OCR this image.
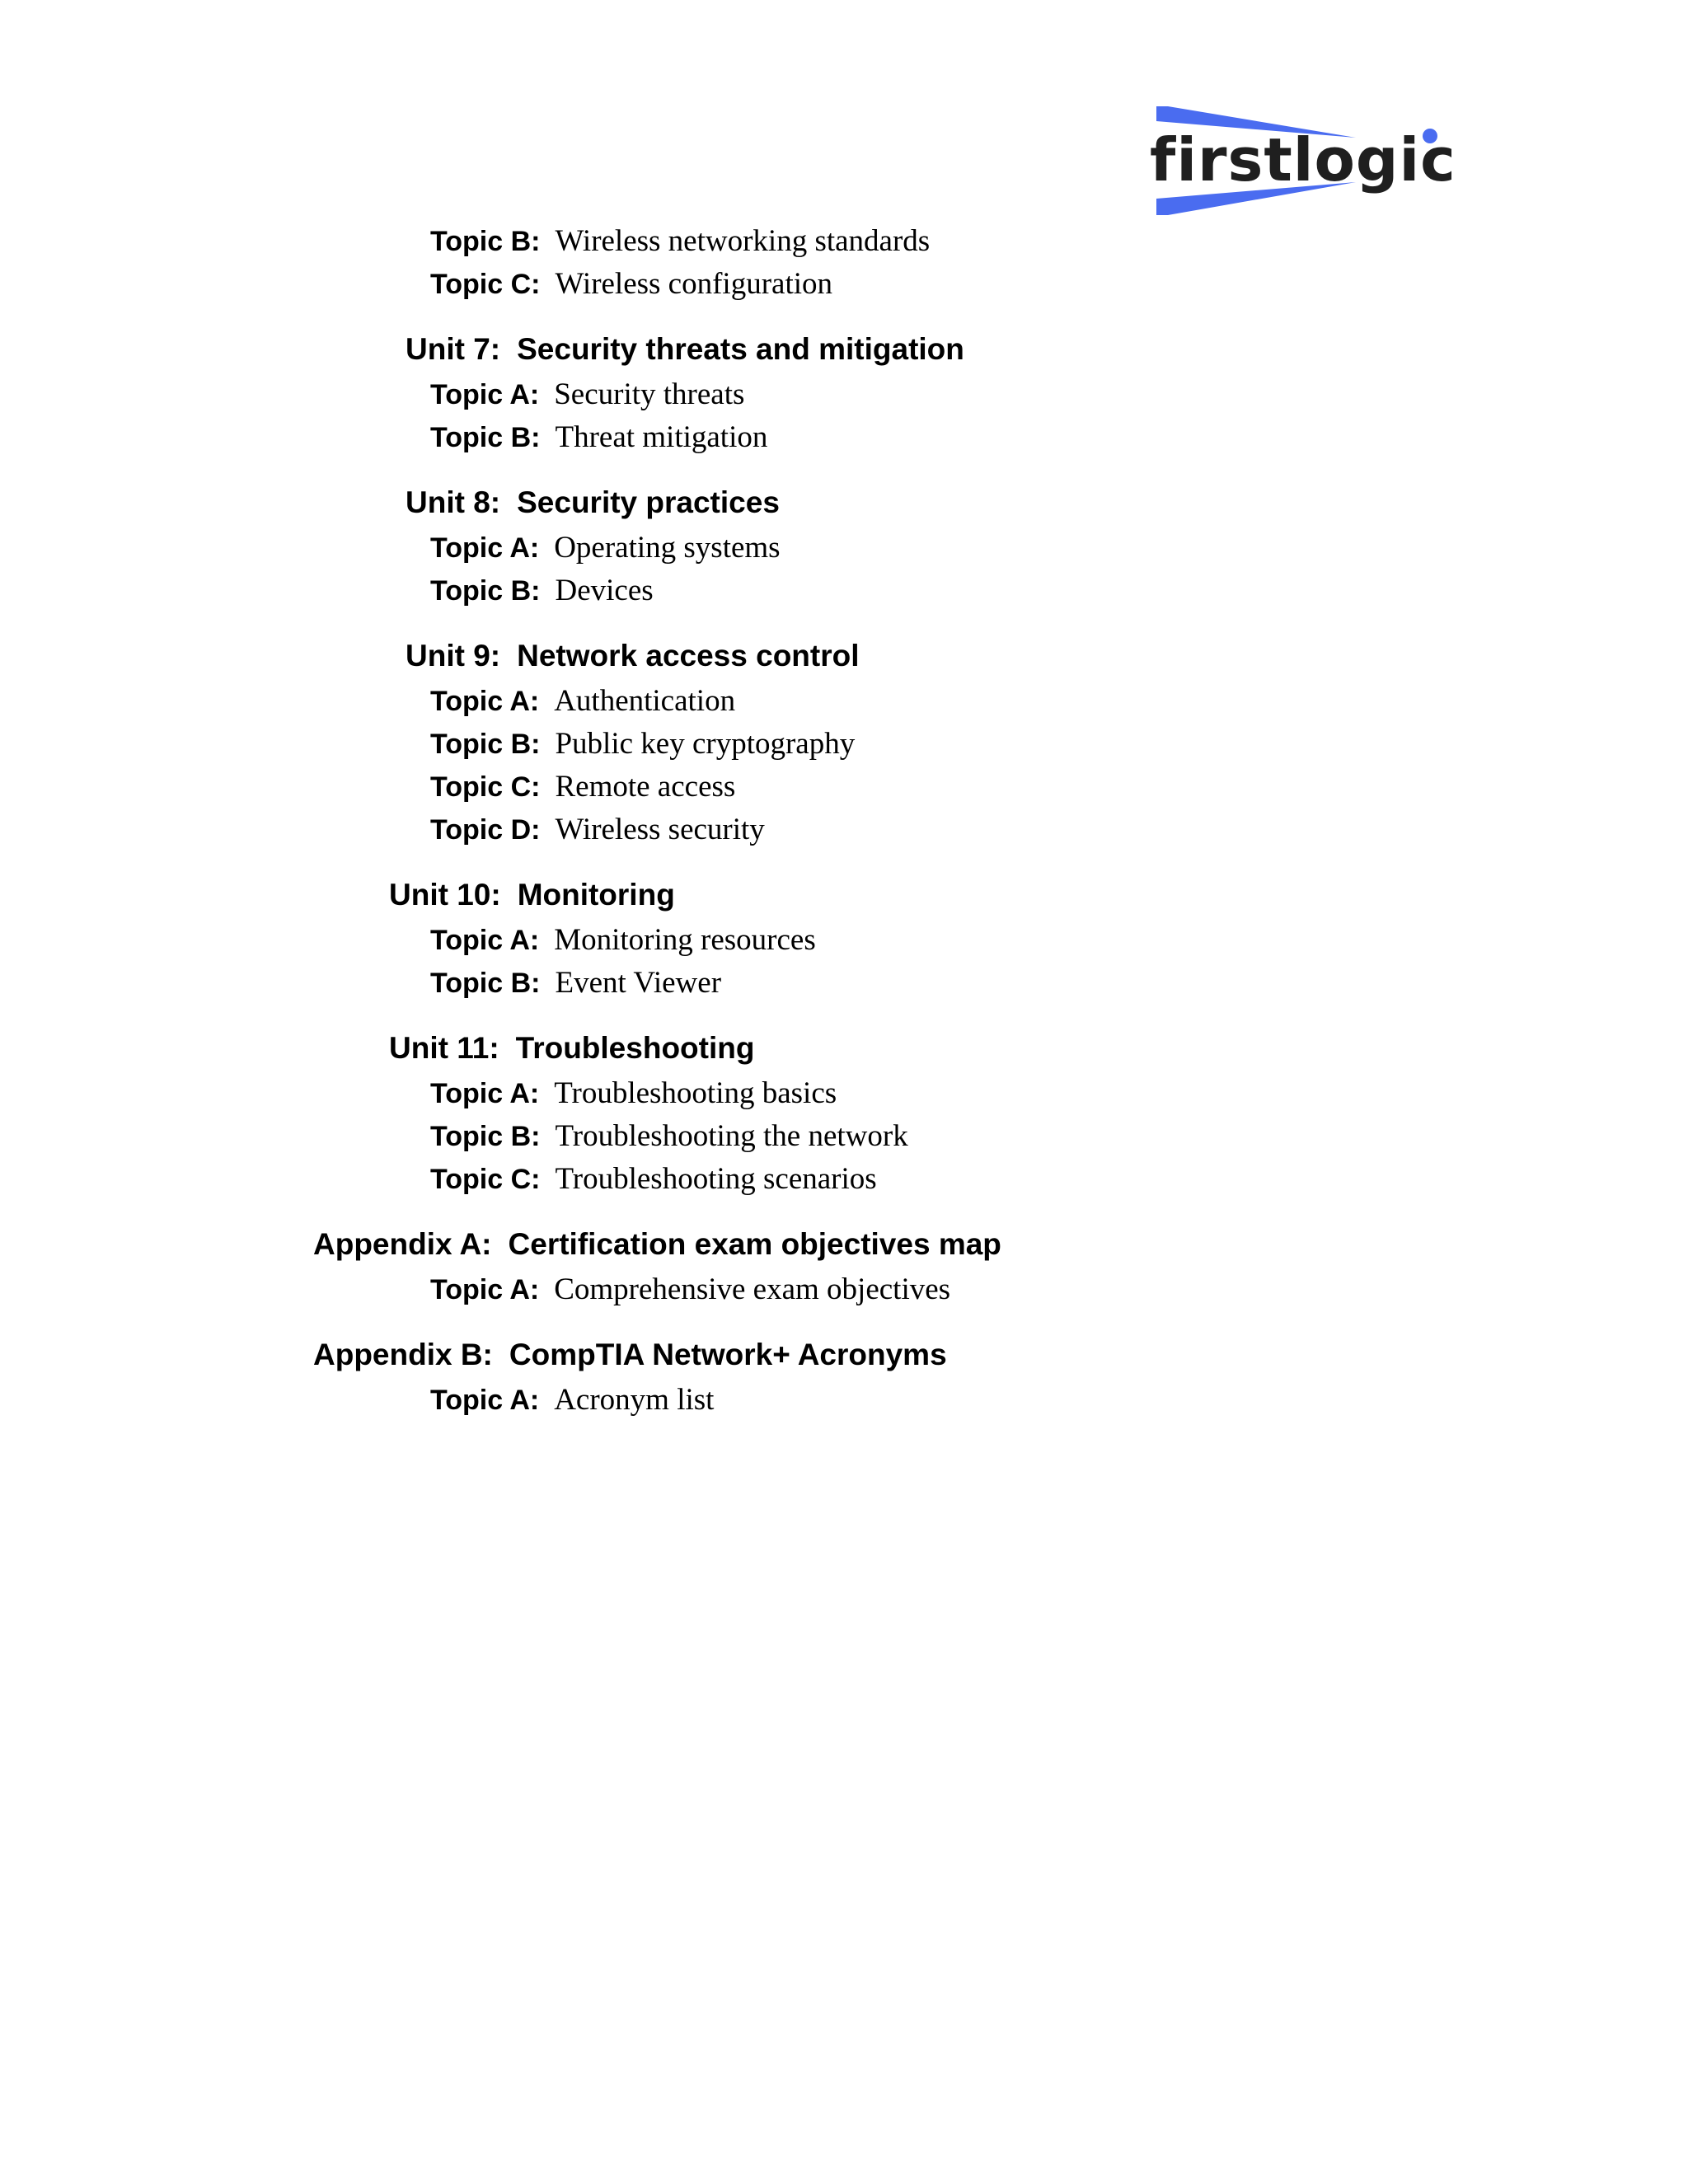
firstlogic
Topic B: Wireless networking standards
Topic C: Wireless configuration
Unit 7: Security threats and mitigation
Topic A: Security threats
Topic B: Threat mitigation
Unit 8: Security practices
Topic A: Operating systems
Topic B: Devices
Unit 9: Network access control
Topic A: Authentication
Topic B: Public key cryptography
Topic C: Remote access
Topic D: Wireless security
Unit 10: Monitoring
Topic A: Monitoring resources
Topic B: Event Viewer
Unit 11: Troubleshooting
Topic A: Troubleshooting basics
Topic B: Troubleshooting the network
Topic C: Troubleshooting scenarios
Appendix A: Certification exam objectives map
Topic A: Comprehensive exam objectives
Appendix B: CompTIA Network+ Acronyms
Topic A: Acronym list
